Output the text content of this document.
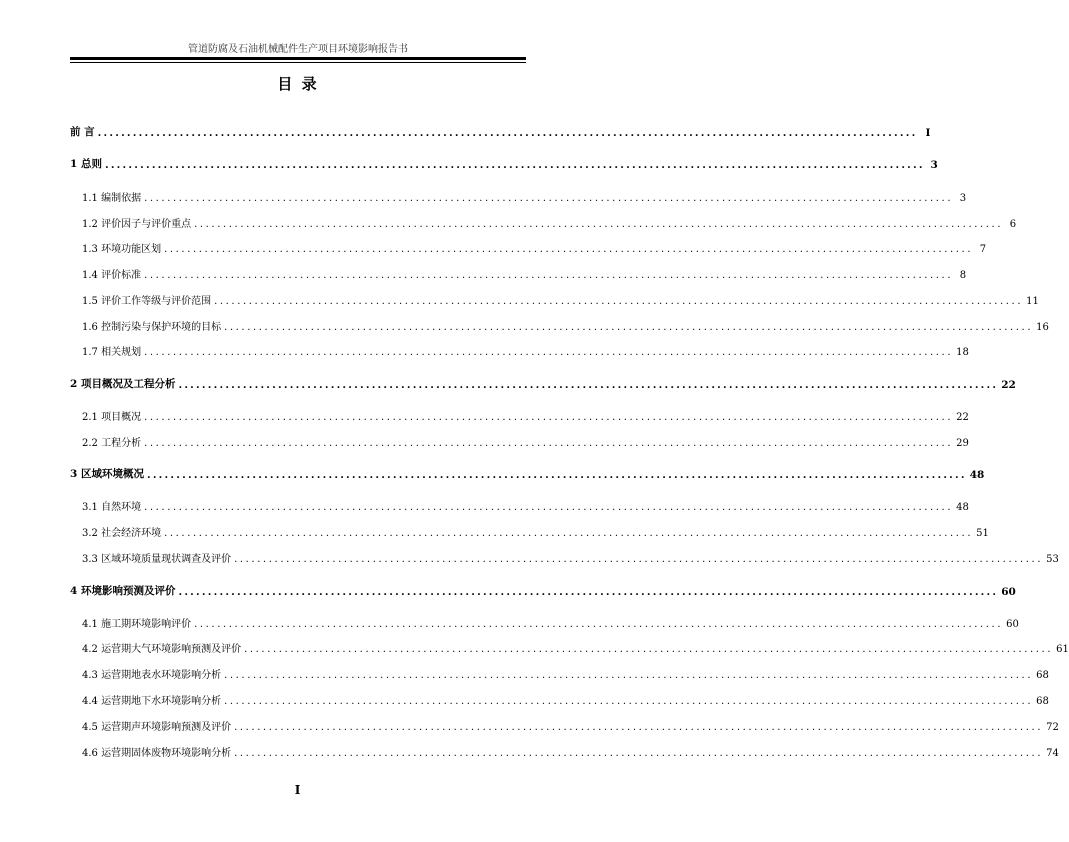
管道防腐及石油机械配件生产项目环境影响报告书
目 录
前 言 ............................................................................................................................................ I
1 总则 ............................................................................................................................................ 3
1.1 编制依据 ............................................................................................................................................ 3
1.2 评价因子与评价重点 ............................................................................................................................................ 6
1.3 环境功能区划 ............................................................................................................................................ 7
1.4 评价标准 ............................................................................................................................................ 8
1.5 评价工作等级与评价范围 ............................................................................................................................................ 11
1.6 控制污染与保护环境的目标 ............................................................................................................................................ 16
1.7 相关规划 ............................................................................................................................................ 18
2 项目概况及工程分析 ............................................................................................................................................ 22
2.1 项目概况 ............................................................................................................................................ 22
2.2 工程分析 ............................................................................................................................................ 29
3 区域环境概况 ............................................................................................................................................ 48
3.1 自然环境 ............................................................................................................................................ 48
3.2 社会经济环境 ............................................................................................................................................ 51
3.3 区域环境质量现状调查及评价 ............................................................................................................................................ 53
4 环境影响预测及评价 ............................................................................................................................................ 60
4.1 施工期环境影响评价 ............................................................................................................................................ 60
4.2 运营期大气环境影响预测及评价 ............................................................................................................................................ 61
4.3 运营期地表水环境影响分析 ............................................................................................................................................ 68
4.4 运营期地下水环境影响分析 ............................................................................................................................................ 68
4.5 运营期声环境影响预测及评价 ............................................................................................................................................ 72
4.6 运营期固体废物环境影响分析 ............................................................................................................................................ 74
I
